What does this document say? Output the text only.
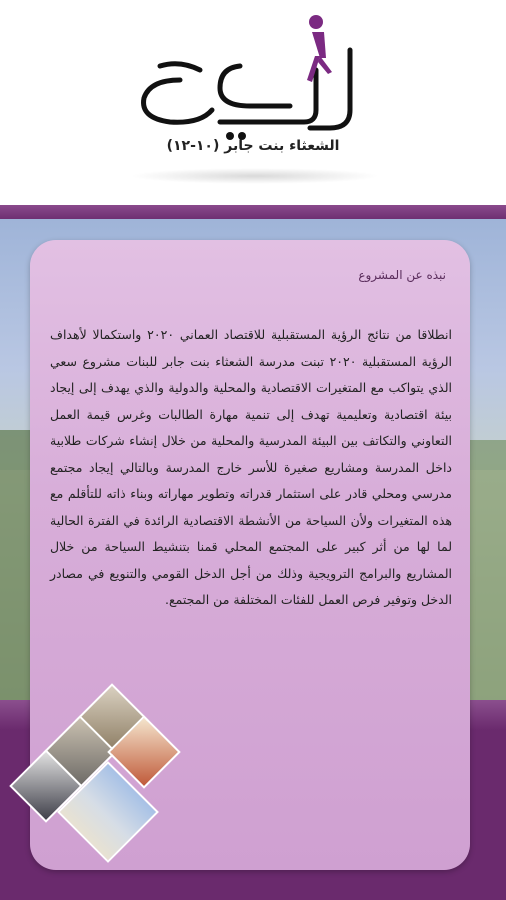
الشعثاء بنت جابر (١٠-١٢)
نبذه عن المشروع
انطلاقا من نتائج الرؤية المستقبلية للاقتصاد العماني ٢٠٢٠ واستكمالا لأهداف الرؤية المستقبلية ٢٠٢٠ تبنت مدرسة الشعثاء بنت جابر للبنات مشروع سعي الذي يتواكب مع المتغيرات الاقتصادية والمحلية والدولية والذي يهدف إلى إيجاد بيئة اقتصادية وتعليمية تهدف إلى تنمية مهارة الطالبات وغرس قيمة العمل التعاوني والتكاتف بين البيئة المدرسية والمحلية من خلال إنشاء شركات طلابية داخل المدرسة ومشاريع صغيرة للأسر خارج المدرسة وبالتالي إيجاد مجتمع مدرسي ومحلي قادر على استثمار قدراته وتطوير مهاراته وبناء ذاته للتأقلم مع هذه المتغيرات ولأن السياحة من الأنشطة الاقتصادية الرائدة في الفترة الحالية لما لها من أثر كبير على المجتمع المحلي قمنا بتنشيط السياحة من خلال المشاريع والبرامج الترويجية وذلك من أجل الدخل القومي والتنويع في مصادر الدخل وتوفير فرص العمل للفئات المختلفة من المجتمع.
